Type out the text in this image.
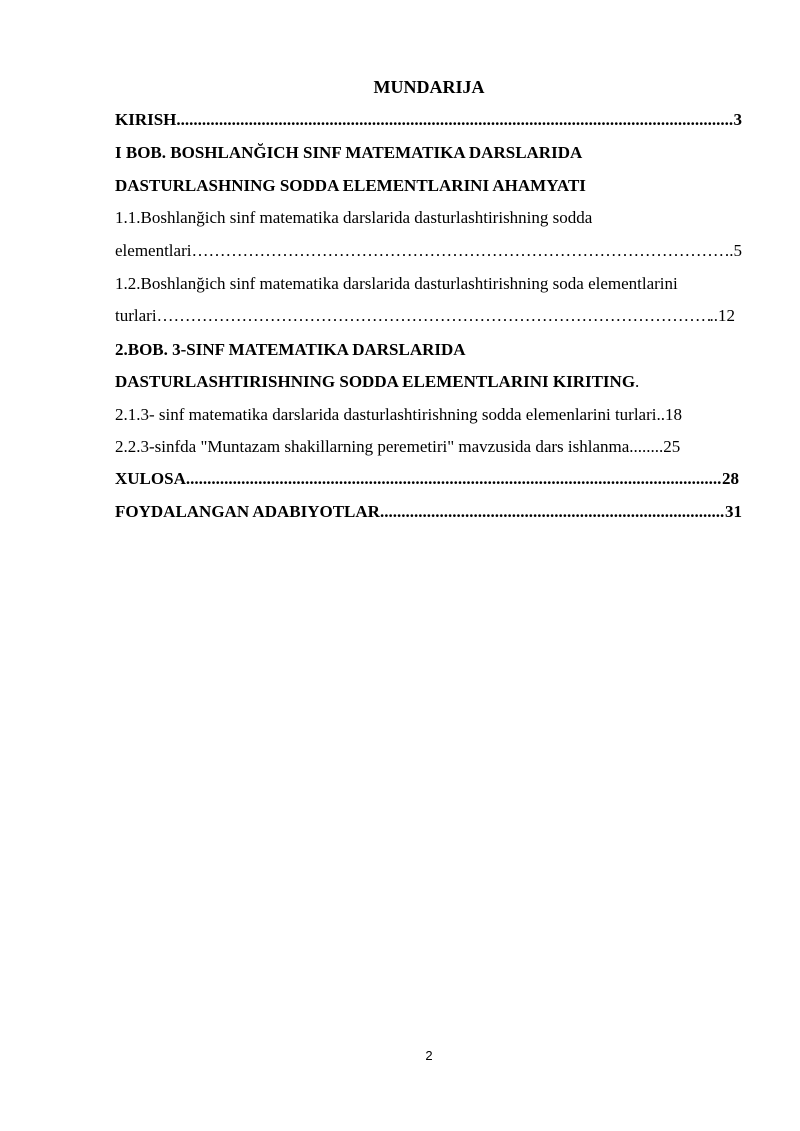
MUNDARIJA
KIRISH .....	3
I BOB. BOSHLANĞICH SINF MATEMATIKA DARSLARIDA
DASTURLASHNING SODDA ELEMENTLARINI AHAMYATI
1.1.Boshlanğich sinf matematika darslarida dasturlashtirishning sodda
elementlari ……………………………………………………………………………………………………………………………………………………………………………………	.5
1.2.Boshlanğich sinf matematika darslarida dasturlashtirishning soda elementlarini
turlari ……………………………………………………………………………………………………………………………………………………………………………………	..12
2.BOB. 3-SINF MATEMATIKA DARSLARIDA
DASTURLASHTIRISHNING SODDA ELEMENTLARINI KIRITING.
2.1.3- sinf matematika darslarida dasturlashtirishning sodda elemenlarini turlari..18
2.2.3-sinfda "Muntazam shakillarning peremetiri" mavzusida dars ishlanma........25
XULOSA .....	28
FOYDALANGAN ADABIYOTLAR .....	31
2
